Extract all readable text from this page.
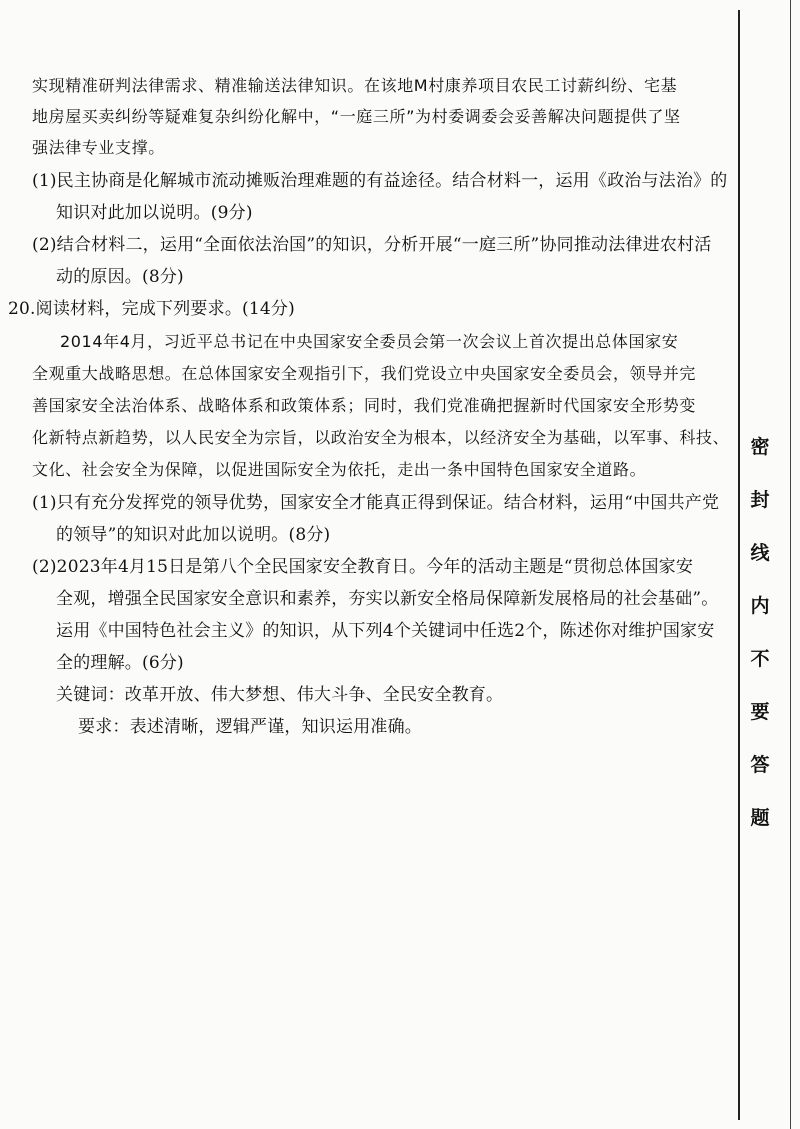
实现精准研判法律需求、精准输送法律知识。在该地M村康养项目农民工讨薪纠纷、宅基

地房屋买卖纠纷等疑难复杂纠纷化解中，“一庭三所”为村委调委会妥善解决问题提供了坚

强法律专业支撑。

(1)民主协商是化解城市流动摊贩治理难题的有益途径。结合材料一，运用《政治与法治》的

知识对此加以说明。(9分)

(2)结合材料二，运用“全面依法治国”的知识，分析开展“一庭三所”协同推动法律进农村活

动的原因。(8分)

20.阅读材料，完成下列要求。(14分)

2014年4月，习近平总书记在中央国家安全委员会第一次会议上首次提出总体国家安

全观重大战略思想。在总体国家安全观指引下，我们党设立中央国家安全委员会，领导并完

善国家安全法治体系、战略体系和政策体系；同时，我们党准确把握新时代国家安全形势变

化新特点新趋势，以人民安全为宗旨，以政治安全为根本，以经济安全为基础，以军事、科技、

文化、社会安全为保障，以促进国际安全为依托，走出一条中国特色国家安全道路。

(1)只有充分发挥党的领导优势，国家安全才能真正得到保证。结合材料，运用“中国共产党

的领导”的知识对此加以说明。(8分)

(2)2023年4月15日是第八个全民国家安全教育日。今年的活动主题是“贯彻总体国家安

全观，增强全民国家安全意识和素养，夯实以新安全格局保障新发展格局的社会基础”。

运用《中国特色社会主义》的知识，从下列4个关键词中任选2个，陈述你对维护国家安

全的理解。(6分)

关键词：改革开放、伟大梦想、伟大斗争、全民安全教育。

要求：表述清晰，逻辑严谨，知识运用准确。

密
封
线
内
不
要
答
题
